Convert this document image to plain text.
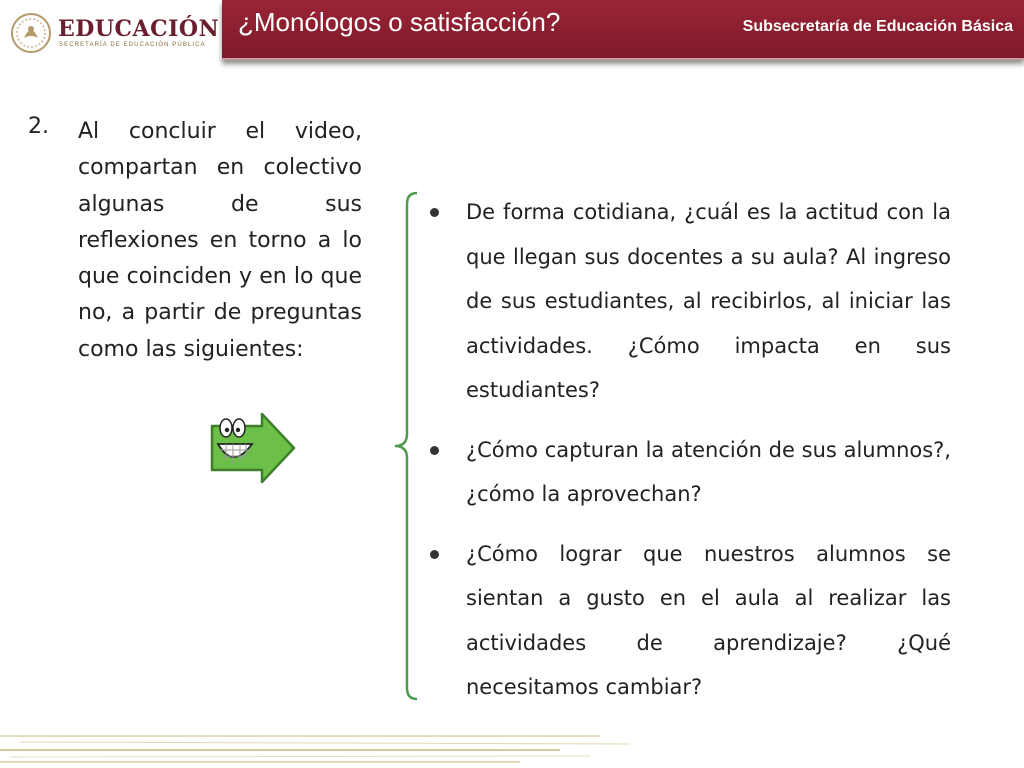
EDUCACIÓN
SECRETARÍA DE EDUCACIÓN PÚBLICA
¿Monólogos o satisfacción?	Subsecretaría de Educación Básica
2. Al concluir el video, compartan en colectivo algunas de sus reflexiones en torno a lo que coinciden y en lo que no, a partir de preguntas como las siguientes:

De forma cotidiana, ¿cuál es la actitud con la que llegan sus docentes a su aula? Al ingreso de sus estudiantes, al recibirlos, al iniciar las actividades. ¿Cómo impacta en sus estudiantes?
¿Cómo capturan la atención de sus alumnos?, ¿cómo la aprovechan?
¿Cómo lograr que nuestros alumnos se sientan a gusto en el aula al realizar las actividades de aprendizaje? ¿Qué necesitamos cambiar?
